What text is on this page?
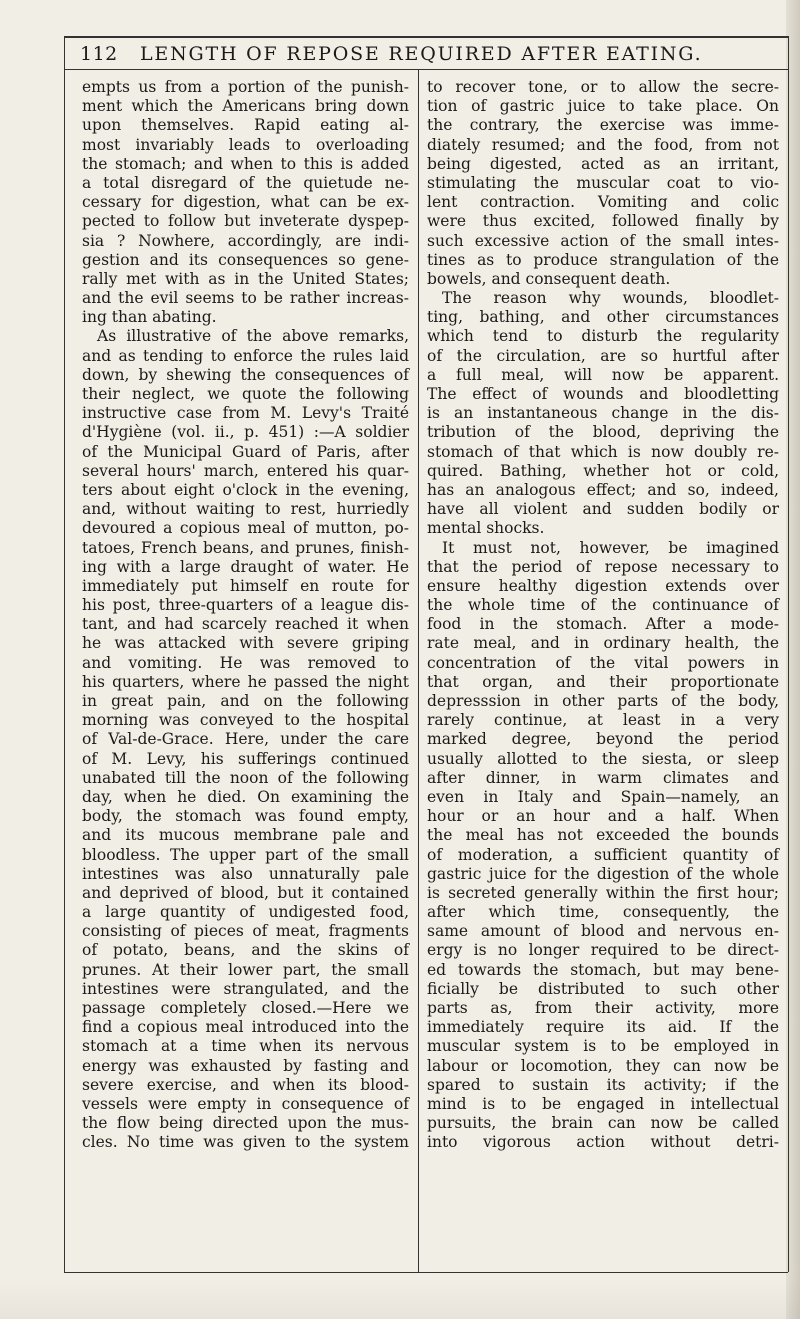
112 LENGTH OF REPOSE REQUIRED AFTER EATING.
empts us from a portion of the punish-
ment which the Americans bring down
upon themselves. Rapid eating al-
most invariably leads to overloading
the stomach; and when to this is added
a total disregard of the quietude ne-
cessary for digestion, what can be ex-
pected to follow but inveterate dyspep-
sia ? Nowhere, accordingly, are indi-
gestion and its consequences so gene-
rally met with as in the United States;
and the evil seems to be rather increas-
ing than abating.
As illustrative of the above remarks,
and as tending to enforce the rules laid
down, by shewing the consequences of
their neglect, we quote the following
instructive case from M. Levy's Traité
d'Hygiène (vol. ii., p. 451) :—A soldier
of the Municipal Guard of Paris, after
several hours' march, entered his quar-
ters about eight o'clock in the evening,
and, without waiting to rest, hurriedly
devoured a copious meal of mutton, po-
tatoes, French beans, and prunes, finish-
ing with a large draught of water. He
immediately put himself en route for
his post, three-quarters of a league dis-
tant, and had scarcely reached it when
he was attacked with severe griping
and vomiting. He was removed to
his quarters, where he passed the night
in great pain, and on the following
morning was conveyed to the hospital
of Val-de-Grace. Here, under the care
of M. Levy, his sufferings continued
unabated till the noon of the following
day, when he died. On examining the
body, the stomach was found empty,
and its mucous membrane pale and
bloodless. The upper part of the small
intestines was also unnaturally pale
and deprived of blood, but it contained
a large quantity of undigested food,
consisting of pieces of meat, fragments
of potato, beans, and the skins of
prunes. At their lower part, the small
intestines were strangulated, and the
passage completely closed.—Here we
find a copious meal introduced into the
stomach at a time when its nervous
energy was exhausted by fasting and
severe exercise, and when its blood-
vessels were empty in consequence of
the flow being directed upon the mus-
cles. No time was given to the system
to recover tone, or to allow the secre-
tion of gastric juice to take place. On
the contrary, the exercise was imme-
diately resumed; and the food, from not
being digested, acted as an irritant,
stimulating the muscular coat to vio-
lent contraction. Vomiting and colic
were thus excited, followed finally by
such excessive action of the small intes-
tines as to produce strangulation of the
bowels, and consequent death.
The reason why wounds, bloodlet-
ting, bathing, and other circumstances
which tend to disturb the regularity
of the circulation, are so hurtful after
a full meal, will now be apparent.
The effect of wounds and bloodletting
is an instantaneous change in the dis-
tribution of the blood, depriving the
stomach of that which is now doubly re-
quired. Bathing, whether hot or cold,
has an analogous effect; and so, indeed,
have all violent and sudden bodily or
mental shocks.
It must not, however, be imagined
that the period of repose necessary to
ensure healthy digestion extends over
the whole time of the continuance of
food in the stomach. After a mode-
rate meal, and in ordinary health, the
concentration of the vital powers in
that organ, and their proportionate
depresssion in other parts of the body,
rarely continue, at least in a very
marked degree, beyond the period
usually allotted to the siesta, or sleep
after dinner, in warm climates and
even in Italy and Spain—namely, an
hour or an hour and a half. When
the meal has not exceeded the bounds
of moderation, a sufficient quantity of
gastric juice for the digestion of the whole
is secreted generally within the first hour;
after which time, consequently, the
same amount of blood and nervous en-
ergy is no longer required to be direct-
ed towards the stomach, but may bene-
ficially be distributed to such other
parts as, from their activity, more
immediately require its aid. If the
muscular system is to be employed in
labour or locomotion, they can now be
spared to sustain its activity; if the
mind is to be engaged in intellectual
pursuits, the brain can now be called
into vigorous action without detri-
